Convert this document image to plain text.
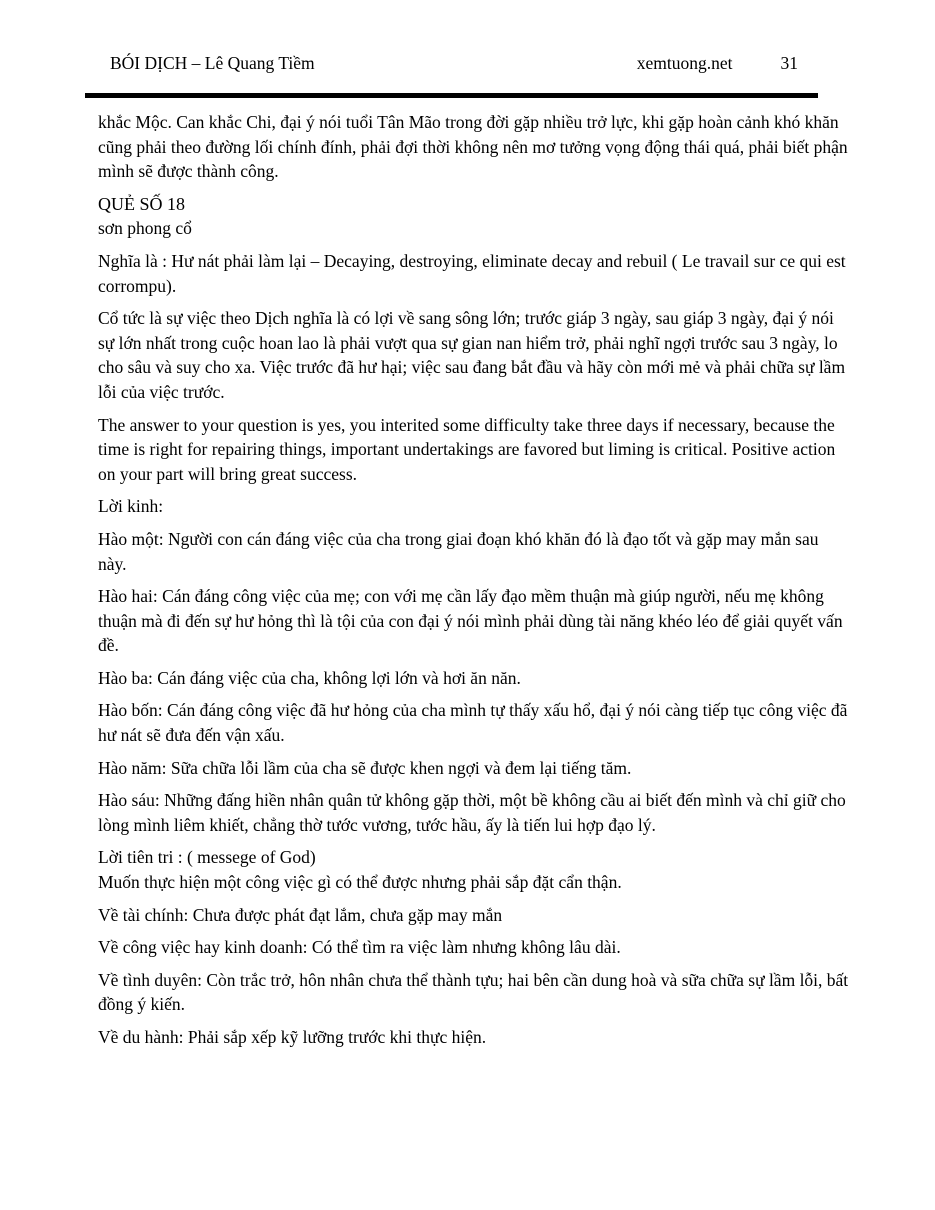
BÓI DỊCH – Lê Quang Tiềm	xemtuong.net	31

khắc Mộc. Can khắc Chi, đại ý nói tuổi Tân Mão trong đời gặp nhiều trở lực, khi gặp hoàn cảnh khó khăn cũng phải theo đường lối chính đính, phải đợi thời không nên mơ tưởng vọng động thái quá, phải biết phận mình sẽ được thành công.

QUẺ SỐ 18

sơn phong cổ

Nghĩa là : Hư nát phải làm lại – Decaying, destroying, eliminate decay and rebuil ( Le travail sur ce qui est corrompu).

Cổ tức là sự việc theo Dịch nghĩa là có lợi về sang sông lớn; trước giáp 3 ngày, sau giáp 3 ngày, đại ý nói sự lớn nhất trong cuộc hoan lao là phải vượt qua sự gian nan hiểm trở, phải nghĩ ngợi trước sau 3 ngày, lo cho sâu và suy cho xa. Việc trước đã hư hại; việc sau đang bắt đầu và hãy còn mới mẻ và phải chữa sự lầm lỗi của việc trước.

The answer to your question is yes, you interited some difficulty take three days if necessary, because the time is right for repairing things, important undertakings are favored but liming is critical. Positive action on your part will bring great success.

Lời kinh:

Hào một: Người con cán đáng việc của cha trong giai đoạn khó khăn đó là đạo tốt và gặp may mắn sau này.

Hào hai: Cán đáng công việc của mẹ; con với mẹ cần lấy đạo mềm thuận mà giúp người, nếu mẹ không thuận mà đi đến sự hư hỏng thì là tội của con đại ý nói mình phải dùng tài năng khéo léo để giải quyết vấn đề.

Hào ba: Cán đáng việc của cha, không lợi lớn và hơi ăn năn.

Hào bốn: Cán đáng công việc đã hư hỏng của cha mình tự thấy xấu hổ, đại ý nói càng tiếp tục công việc đã hư nát sẽ đưa đến vận xấu.

Hào năm: Sữa chữa lỗi lầm của cha sẽ được khen ngợi và đem lại tiếng tăm.

Hào sáu: Những đấng hiền nhân quân tử không gặp thời, một bề không cầu ai biết đến mình và chỉ giữ cho lòng mình liêm khiết, chẳng thờ tước vương, tước hầu, ấy là tiến lui hợp đạo lý.

Lời tiên tri : ( messege of God)

Muốn thực hiện một công việc gì có thể được nhưng phải sắp đặt cẩn thận.

Về tài chính: Chưa được phát đạt lắm, chưa gặp may mắn

Về công việc hay kinh doanh: Có thể tìm ra việc làm nhưng không lâu dài.

Về tình duyên: Còn trắc trở, hôn nhân chưa thể thành tựu; hai bên cần dung hoà và sữa chữa sự lầm lỗi, bất đồng ý kiến.

Về du hành: Phải sắp xếp kỹ lưỡng trước khi thực hiện.
